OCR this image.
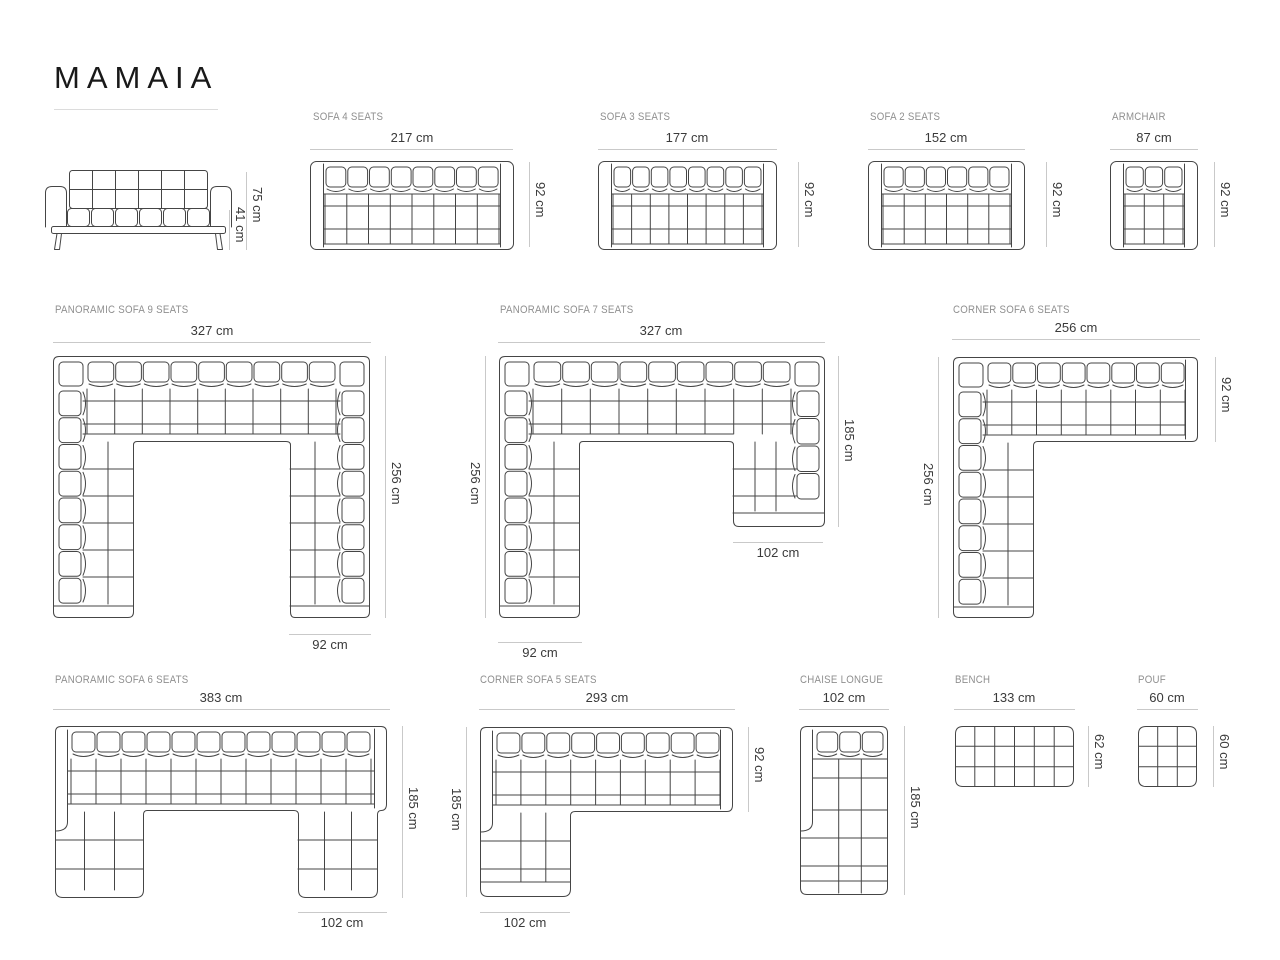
MAMAIA
SOFA 4 SEATS	SOFA 3 SEATS	SOFA 2 SEATS	ARMCHAIR
PANORAMIC SOFA 9 SEATS	PANORAMIC SOFA 7 SEATS	CORNER SOFA 6 SEATS
PANORAMIC SOFA 6 SEATS	CORNER SOFA 5 SEATS	CHAISE LONGUE	BENCH	POUF
217 cm	177 cm	152 cm	87 cm
327 cm	327 cm	256 cm
383 cm	293 cm	102 cm	133 cm	60 cm
92 cm
102 cm
92 cm
102 cm	102 cm
92 cm	92 cm	92 cm	92 cm
75 cm
41 cm
256 cm	256 cm
185 cm
92 cm
256 cm
185 cm
92 cm
185 cm	185 cm
62 cm	60 cm
